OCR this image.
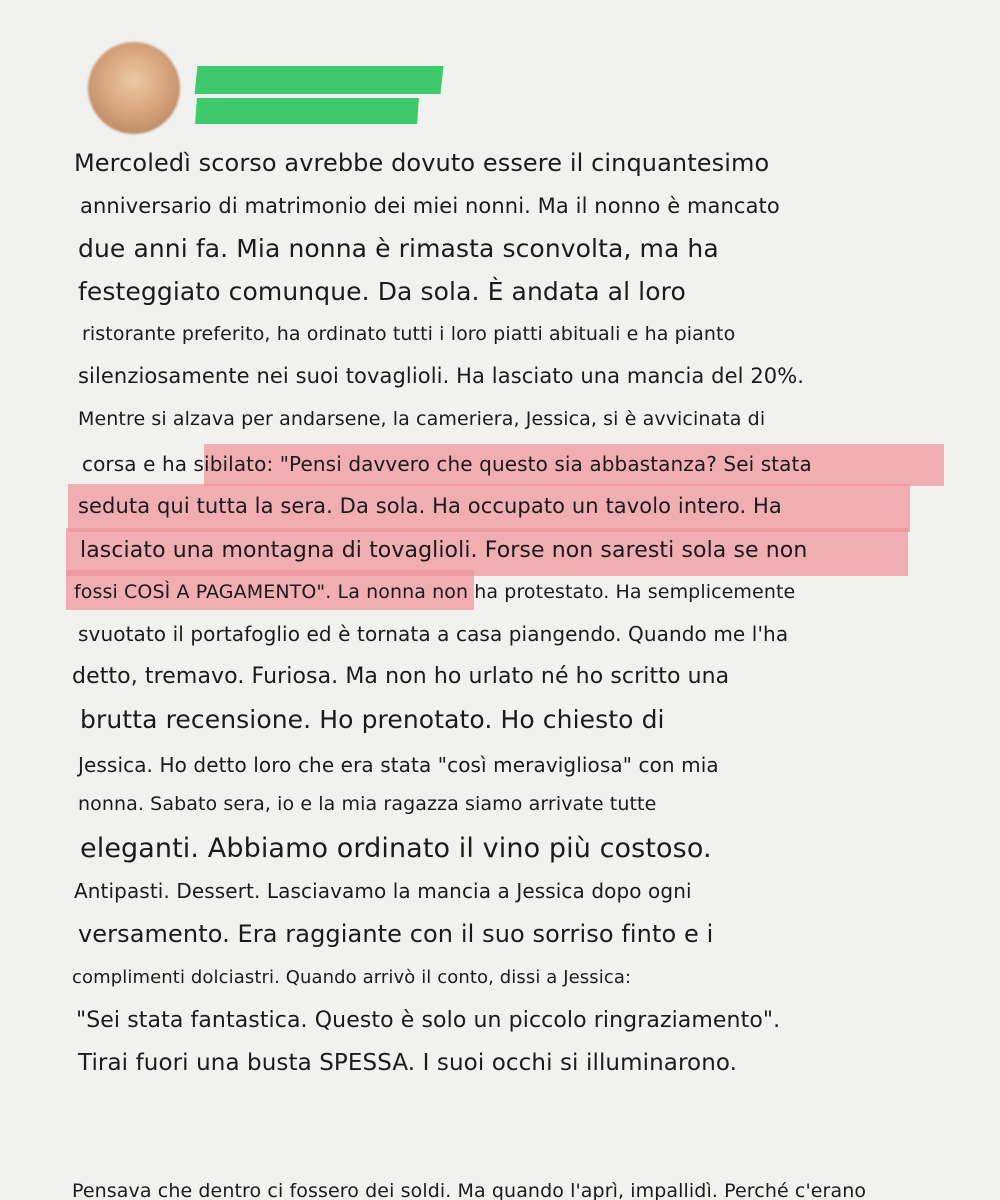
Mercoledì scorso avrebbe dovuto essere il cinquantesimo

anniversario di matrimonio dei miei nonni. Ma il nonno è mancato

due anni fa. Mia nonna è rimasta sconvolta, ma ha

festeggiato comunque. Da sola. È andata al loro

ristorante preferito, ha ordinato tutti i loro piatti abituali e ha pianto

silenziosamente nei suoi tovaglioli. Ha lasciato una mancia del 20%.

Mentre si alzava per andarsene, la cameriera, Jessica, si è avvicinata di

corsa e ha sibilato: "Pensi davvero che questo sia abbastanza? Sei stata

seduta qui tutta la sera. Da sola. Ha occupato un tavolo intero. Ha

lasciato una montagna di tovaglioli. Forse non saresti sola se non

fossi COSÌ A PAGAMENTO". La nonna non ha protestato. Ha semplicemente

svuotato il portafoglio ed è tornata a casa piangendo. Quando me l'ha

detto, tremavo. Furiosa. Ma non ho urlato né ho scritto una

brutta recensione. Ho prenotato. Ho chiesto di

Jessica. Ho detto loro che era stata "così meravigliosa" con mia

nonna. Sabato sera, io e la mia ragazza siamo arrivate tutte

eleganti. Abbiamo ordinato il vino più costoso.

Antipasti. Dessert. Lasciavamo la mancia a Jessica dopo ogni

versamento. Era raggiante con il suo sorriso finto e i

complimenti dolciastri. Quando arrivò il conto, dissi a Jessica:

"Sei stata fantastica. Questo è solo un piccolo ringraziamento".

Tirai fuori una busta SPESSA. I suoi occhi si illuminarono.

Pensava che dentro ci fossero dei soldi. Ma quando l'aprì, impallidì. Perché c'erano
